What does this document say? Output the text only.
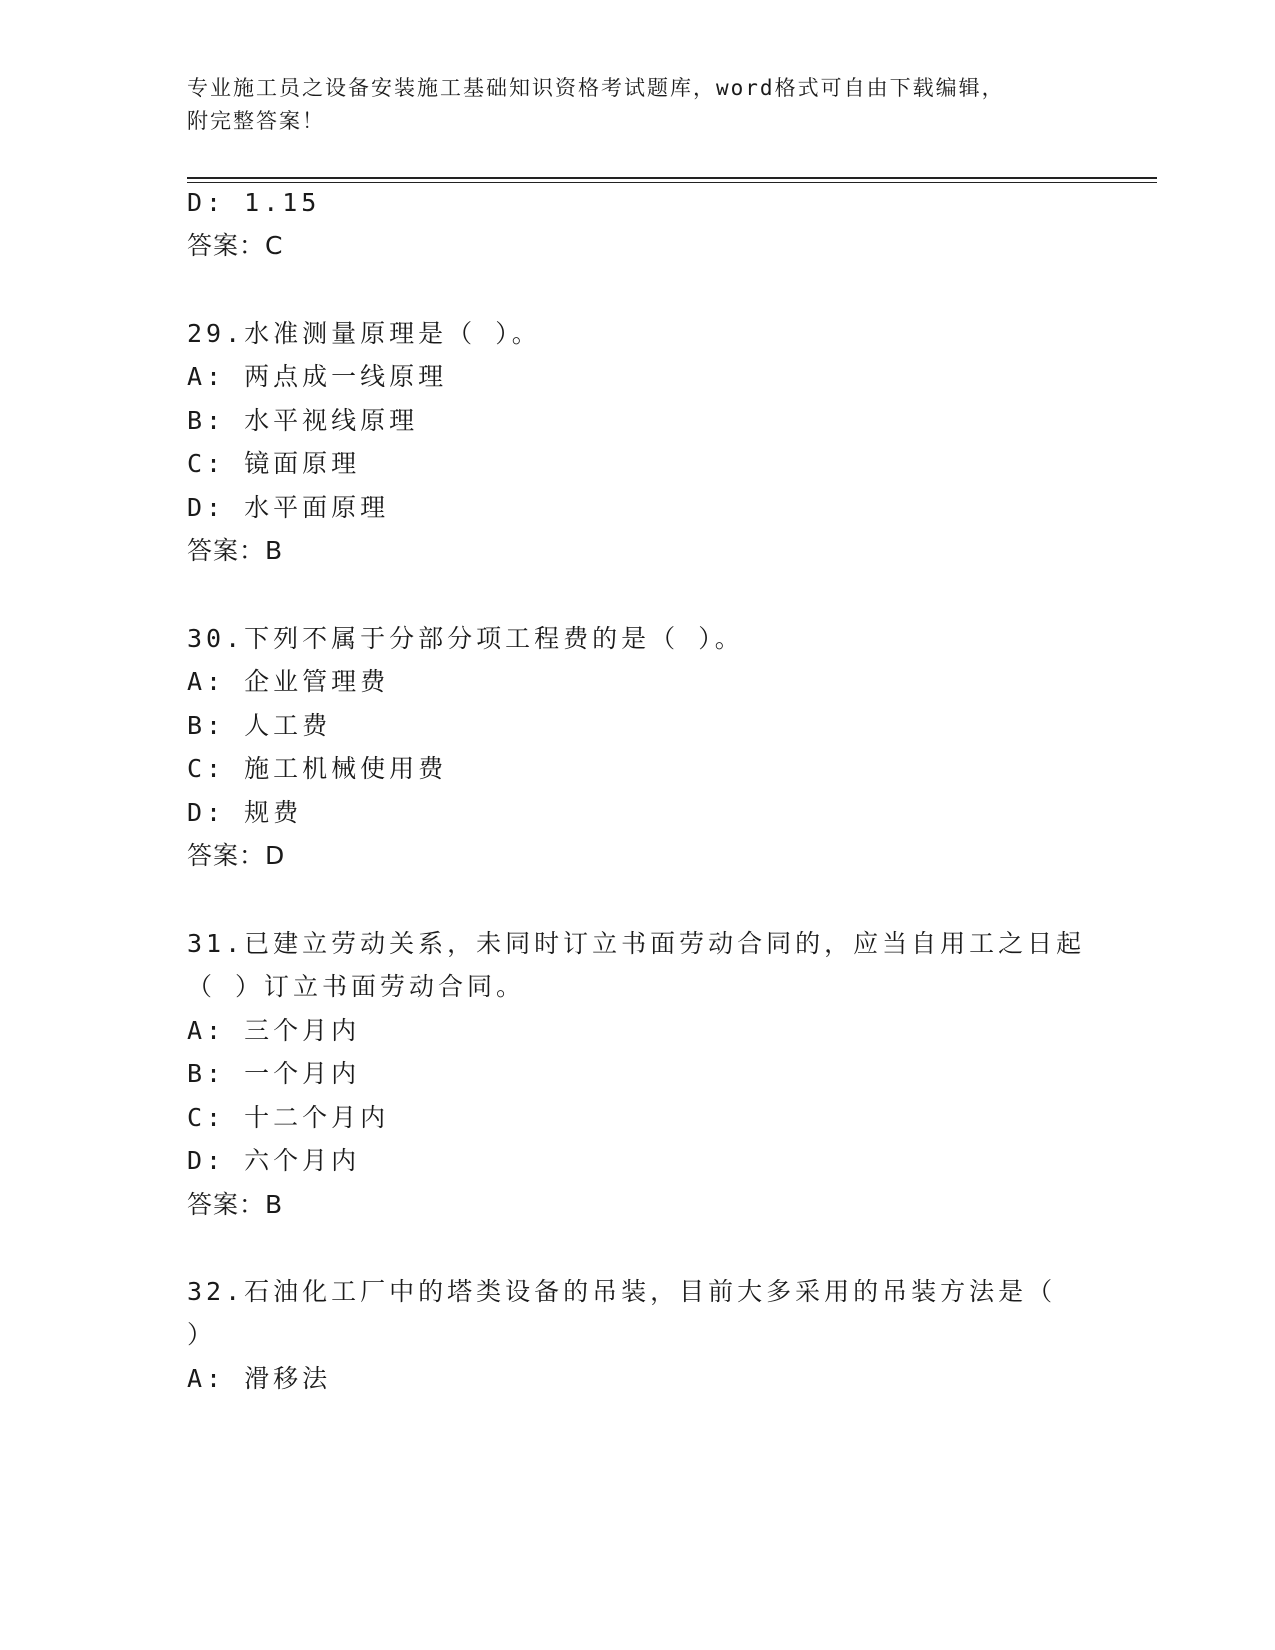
专业施工员之设备安装施工基础知识资格考试题库，word格式可自由下载编辑，
附完整答案！
D: 1.15
答案：C
29.水准测量原理是（ ）。
A: 两点成一线原理
B: 水平视线原理
C: 镜面原理
D: 水平面原理
答案：B
30.下列不属于分部分项工程费的是（ ）。
A: 企业管理费
B: 人工费
C: 施工机械使用费
D: 规费
答案：D
31.已建立劳动关系，未同时订立书面劳动合同的，应当自用工之日起
（ ）订立书面劳动合同。
A: 三个月内
B: 一个月内
C: 十二个月内
D: 六个月内
答案：B
32.石油化工厂中的塔类设备的吊装，目前大多采用的吊装方法是（
）
A: 滑移法
